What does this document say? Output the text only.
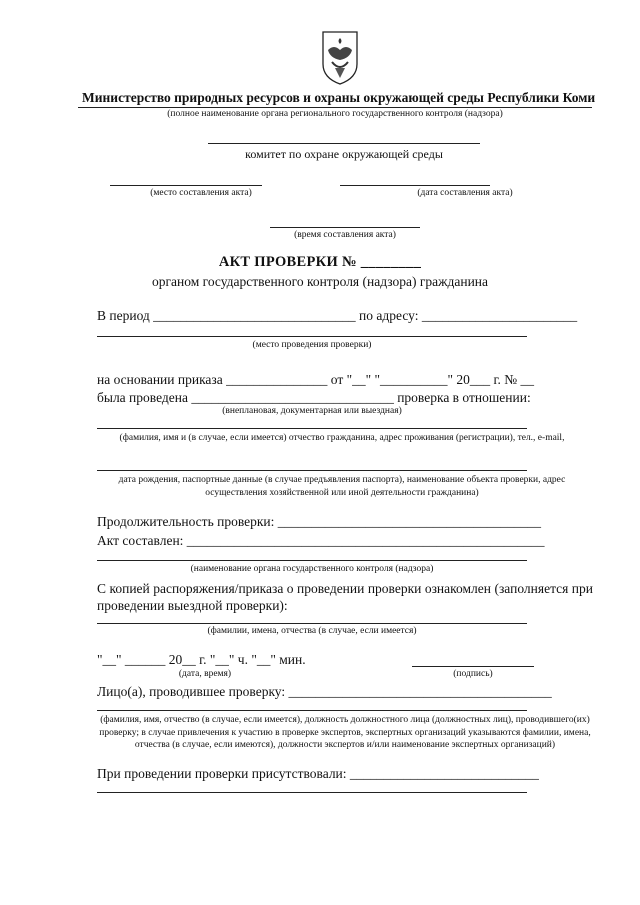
Министерство природных ресурсов и охраны окружающей среды Республики Коми
(полное наименование органа регионального государственного контроля (надзора)
комитет по охране окружающей среды
(место составления акта)	(дата составления акта)
(время составления акта)
АКТ ПРОВЕРКИ № ________
органом государственного контроля (надзора) гражданина
В период ______________________________ по адресу: _______________________
(место проведения проверки)
на основании приказа _______________ от "__" "__________" 20___ г. № __
была проведена ______________________________ проверка в отношении:
(внеплановая, документарная или выездная)
(фамилия, имя и (в случае, если имеется) отчество гражданина, адрес проживания (регистрации), тел., e-mail,
дата рождения, паспортные данные (в случае предъявления паспорта), наименование объекта проверки, адрес осуществления хозяйственной или иной деятельности гражданина)
Продолжительность проверки: _______________________________________
Акт составлен: _____________________________________________________
(наименование органа государственного контроля (надзора)
С копией распоряжения/приказа о проведении проверки ознакомлен (заполняется при проведении выездной проверки):
(фамилии, имена, отчества (в случае, если имеется)
"__" ______ 20__ г. "__" ч. "__" мин.
(дата, время)	(подпись)
Лицо(а), проводившее проверку: _______________________________________
(фамилия, имя, отчество (в случае, если имеется), должность должностного лица (должностных лиц), проводившего(их) проверку; в случае привлечения к участию в проверке экспертов, экспертных организаций указываются фамилии, имена, отчества (в случае, если имеются), должности экспертов и/или наименование экспертных организаций)
При проведении проверки присутствовали: ____________________________
